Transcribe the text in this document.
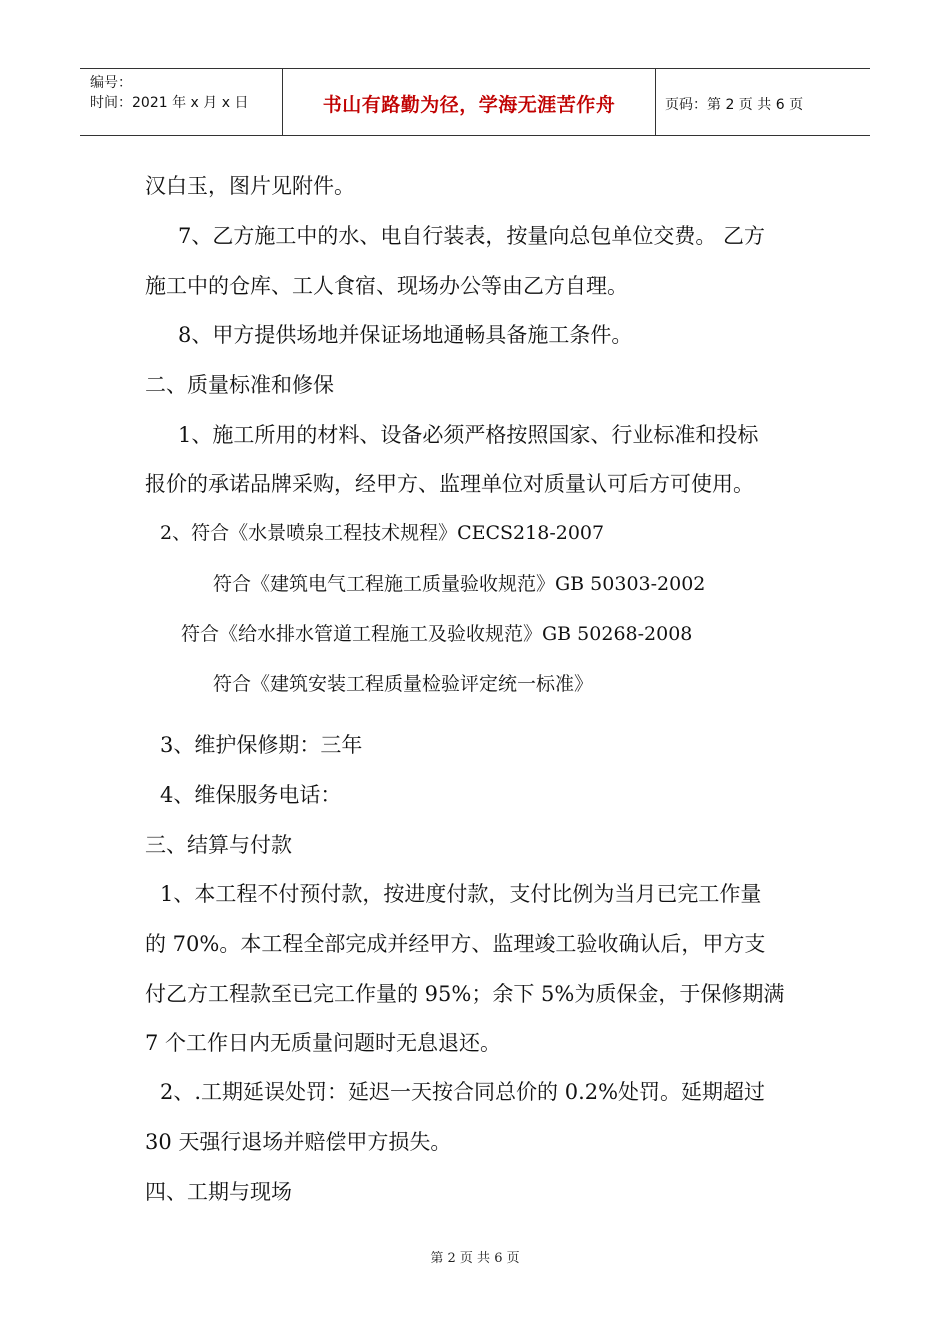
编号：
时间：2021 年 x 月 x 日	书山有路勤为径，学海无涯苦作舟	页码：第 2 页 共 6 页
汉白玉，图片见附件。
7、乙方施工中的水、电自行装表，按量向总包单位交费。 乙方
施工中的仓库、工人食宿、现场办公等由乙方自理。
8、甲方提供场地并保证场地通畅具备施工条件。
二、质量标准和修保
1、施工所用的材料、设备必须严格按照国家、行业标准和投标
报价的承诺品牌采购，经甲方、监理单位对质量认可后方可使用。
2、符合《水景喷泉工程技术规程》CECS218-2007
符合《建筑电气工程施工质量验收规范》GB 50303-2002
符合《给水排水管道工程施工及验收规范》GB 50268-2008
符合《建筑安装工程质量检验评定统一标准》
3、维护保修期：三年
4、维保服务电话：
三、结算与付款
1、本工程不付预付款，按进度付款，支付比例为当月已完工作量
的 70%。本工程全部完成并经甲方、监理竣工验收确认后，甲方支
付乙方工程款至已完工作量的 95%；余下 5%为质保金，于保修期满
7 个工作日内无质量问题时无息退还。
2、.工期延误处罚：延迟一天按合同总价的 0.2%处罚。延期超过
30 天强行退场并赔偿甲方损失。
四、工期与现场
第 2 页 共 6 页
